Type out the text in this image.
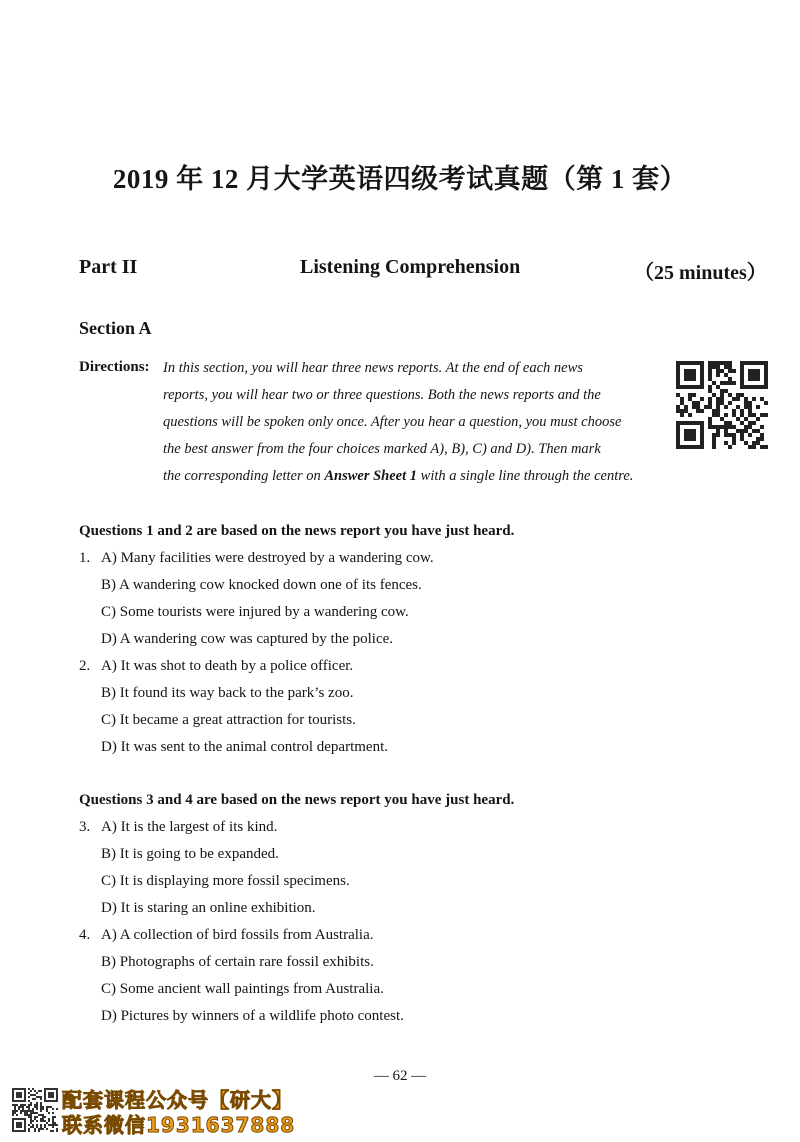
2019 年 12 月大学英语四级考试真题（第 1 套）
Part II	Listening Comprehension	（25 minutes）
Section A
Directions: In this section, you will hear three news reports. At the end of each news
reports, you will hear two or three questions. Both the news reports and the
questions will be spoken only once. After you hear a question, you must choose
the best answer from the four choices marked A), B), C) and D). Then mark
the corresponding letter on Answer Sheet 1 with a single line through the centre.
Questions 1 and 2 are based on the news report you have just heard.
1. A) Many facilities were destroyed by a wandering cow.
B) A wandering cow knocked down one of its fences.
C) Some tourists were injured by a wandering cow.
D) A wandering cow was captured by the police.
2. A) It was shot to death by a police officer.
B) It found its way back to the park’s zoo.
C) It became a great attraction for tourists.
D) It was sent to the animal control department.
Questions 3 and 4 are based on the news report you have just heard.
3. A) It is the largest of its kind.
B) It is going to be expanded.
C) It is displaying more fossil specimens.
D) It is staring an online exhibition.
4. A) A collection of bird fossils from Australia.
B) Photographs of certain rare fossil exhibits.
C) Some ancient wall paintings from Australia.
D) Pictures by winners of a wildlife photo contest.
— 62 —
配套课程公众号【研大】
联系微信1931637888
